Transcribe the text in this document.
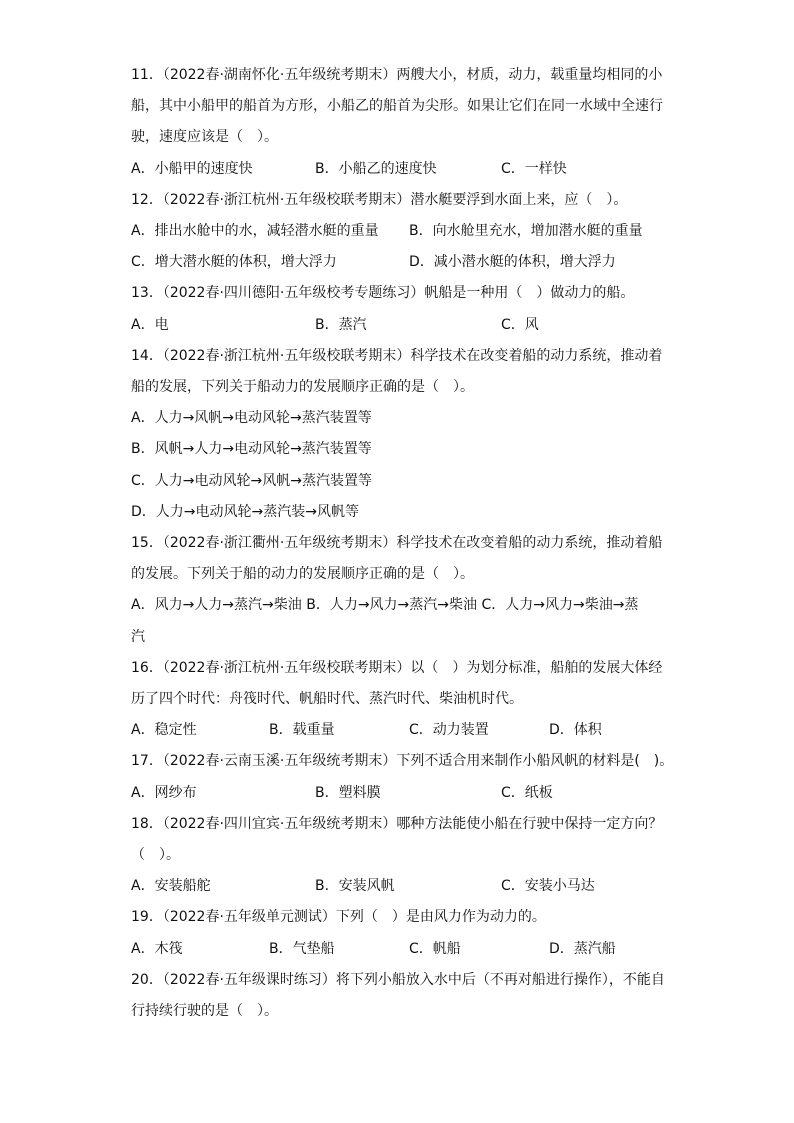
11．（2022春·湖南怀化·五年级统考期末）两艘大小，材质，动力，载重量均相同的小
船，其中小船甲的船首为方形，小船乙的船首为尖形。如果让它们在同一水域中全速行
驶，速度应该是（　）。
A．小船甲的速度快	B．小船乙的速度快	C．一样快
12．（2022春·浙江杭州·五年级校联考期末）潜水艇要浮到水面上来，应（　）。
A．排出水舱中的水，减轻潜水艇的重量	B．向水舱里充水，增加潜水艇的重量
C．增大潜水艇的体积，增大浮力	D．减小潜水艇的体积，增大浮力
13．（2022春·四川德阳·五年级校考专题练习）帆船是一种用（　）做动力的船。
A．电	B．蒸汽	C．风
14．（2022春·浙江杭州·五年级校联考期末）科学技术在改变着船的动力系统，推动着
船的发展，下列关于船动力的发展顺序正确的是（　）。
A．人力→风帆→电动风轮→蒸汽装置等
B．风帆→人力→电动风轮→蒸汽装置等
C．人力→电动风轮→风帆→蒸汽装置等
D．人力→电动风轮→蒸汽装→风帆等
15．（2022春·浙江衢州·五年级统考期末）科学技术在改变着船的动力系统，推动着船
的发展。下列关于船的动力的发展顺序正确的是（　）。
A．风力→人力→蒸汽→柴油 B．人力→风力→蒸汽→柴油 C．人力→风力→柴油→蒸
汽
16．（2022春·浙江杭州·五年级校联考期末）以（　）为划分标准，船舶的发展大体经
历了四个时代：舟筏时代、帆船时代、蒸汽时代、柴油机时代。
A．稳定性	B．载重量	C．动力装置	D．体积
17．（2022春·云南玉溪·五年级统考期末）下列不适合用来制作小船风帆的材料是(　)。
A．网纱布	B．塑料膜	C．纸板
18．（2022春·四川宜宾·五年级统考期末）哪种方法能使小船在行驶中保持一定方向？
（　）。
A．安装船舵	B．安装风帆	C．安装小马达
19．（2022春·五年级单元测试）下列（　）是由风力作为动力的。
A．木筏	B．气垫船	C．帆船	D．蒸汽船
20．（2022春·五年级课时练习）将下列小船放入水中后（不再对船进行操作），不能自
行持续行驶的是（　）。
